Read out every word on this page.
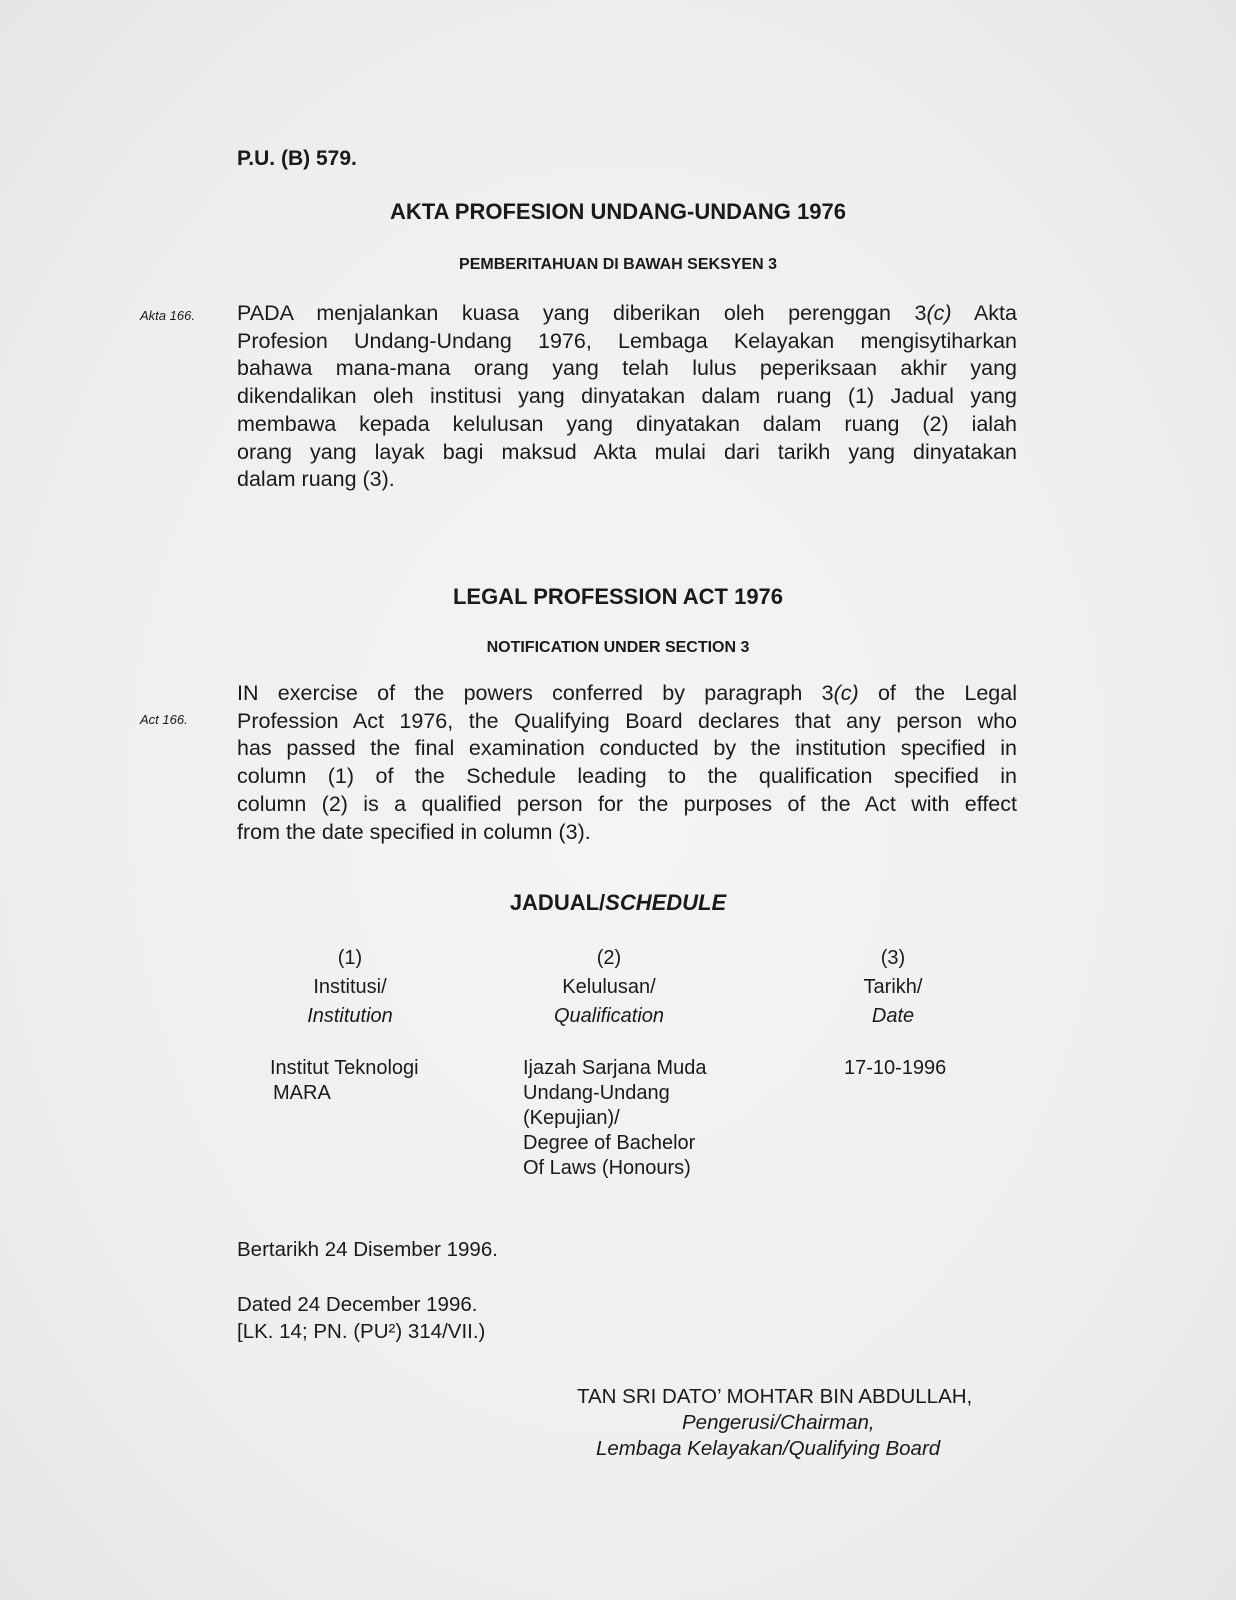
P.U. (B) 579.
AKTA PROFESION UNDANG-UNDANG 1976
PEMBERITAHUAN DI BAWAH SEKSYEN 3
Akta 166. PADA menjalankan kuasa yang diberikan oleh perenggan 3(c) Akta
Profesion Undang-Undang 1976, Lembaga Kelayakan mengisytiharkan
bahawa mana-mana orang yang telah lulus peperiksaan akhir yang
dikendalikan oleh institusi yang dinyatakan dalam ruang (1) Jadual yang
membawa kepada kelulusan yang dinyatakan dalam ruang (2) ialah
orang yang layak bagi maksud Akta mulai dari tarikh yang dinyatakan
dalam ruang (3).
LEGAL PROFESSION ACT 1976
NOTIFICATION UNDER SECTION 3
Act 166.
IN exercise of the powers conferred by paragraph 3(c) of the Legal
Profession Act 1976, the Qualifying Board declares that any person who
has passed the final examination conducted by the institution specified in
column (1) of the Schedule leading to the qualification specified in
column (2) is a qualified person for the purposes of the Act with effect
from the date specified in column (3).
JADUAL/SCHEDULE
(1)
Institusi/
Institution
(2)
Kelulusan/
Qualification
(3)
Tarikh/
Date
Institut Teknologi
MARA
Ijazah Sarjana Muda
Undang-Undang
(Kepujian)/
Degree of Bachelor
Of Laws (Honours)
17-10-1996
Bertarikh 24 Disember 1996.
Dated 24 December 1996.
[LK. 14; PN. (PU²) 314/VII.)
TAN SRI DATO’ MOHTAR BIN ABDULLAH,
Pengerusi/Chairman,
Lembaga Kelayakan/Qualifying Board
